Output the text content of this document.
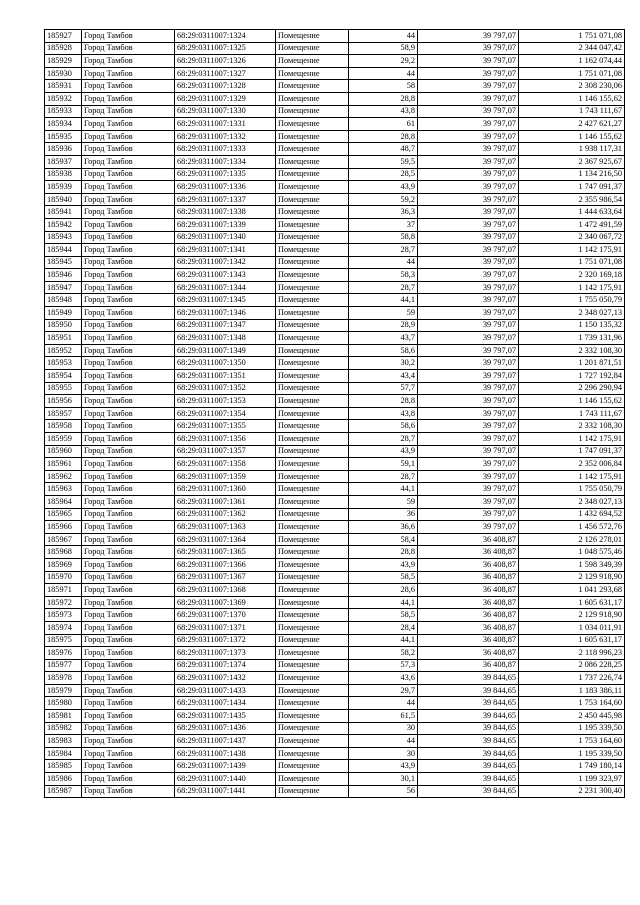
185927	Город Тамбов	68:29:0311007:1324	Помещение	44	39 797,07	1 751 071,08
185928	Город Тамбов	68:29:0311007:1325	Помещение	58,9	39 797,07	2 344 047,42
185929	Город Тамбов	68:29:0311007:1326	Помещение	29,2	39 797,07	1 162 074,44
185930	Город Тамбов	68:29:0311007:1327	Помещение	44	39 797,07	1 751 071,08
185931	Город Тамбов	68:29:0311007:1328	Помещение	58	39 797,07	2 308 230,06
185932	Город Тамбов	68:29:0311007:1329	Помещение	28,8	39 797,07	1 146 155,62
185933	Город Тамбов	68:29:0311007:1330	Помещение	43,8	39 797,07	1 743 111,67
185934	Город Тамбов	68:29:0311007:1331	Помещение	61	39 797,07	2 427 621,27
185935	Город Тамбов	68:29:0311007:1332	Помещение	28,8	39 797,07	1 146 155,62
185936	Город Тамбов	68:29:0311007:1333	Помещение	48,7	39 797,07	1 938 117,31
185937	Город Тамбов	68:29:0311007:1334	Помещение	59,5	39 797,07	2 367 925,67
185938	Город Тамбов	68:29:0311007:1335	Помещение	28,5	39 797,07	1 134 216,50
185939	Город Тамбов	68:29:0311007:1336	Помещение	43,9	39 797,07	1 747 091,37
185940	Город Тамбов	68:29:0311007:1337	Помещение	59,2	39 797,07	2 355 986,54
185941	Город Тамбов	68:29:0311007:1338	Помещение	36,3	39 797,07	1 444 633,64
185942	Город Тамбов	68:29:0311007:1339	Помещение	37	39 797,07	1 472 491,59
185943	Город Тамбов	68:29:0311007:1340	Помещение	58,8	39 797,07	2 340 067,72
185944	Город Тамбов	68:29:0311007:1341	Помещение	28,7	39 797,07	1 142 175,91
185945	Город Тамбов	68:29:0311007:1342	Помещение	44	39 797,07	1 751 071,08
185946	Город Тамбов	68:29:0311007:1343	Помещение	58,3	39 797,07	2 320 169,18
185947	Город Тамбов	68:29:0311007:1344	Помещение	28,7	39 797,07	1 142 175,91
185948	Город Тамбов	68:29:0311007:1345	Помещение	44,1	39 797,07	1 755 050,79
185949	Город Тамбов	68:29:0311007:1346	Помещение	59	39 797,07	2 348 027,13
185950	Город Тамбов	68:29:0311007:1347	Помещение	28,9	39 797,07	1 150 135,32
185951	Город Тамбов	68:29:0311007:1348	Помещение	43,7	39 797,07	1 739 131,96
185952	Город Тамбов	68:29:0311007:1349	Помещение	58,6	39 797,07	2 332 108,30
185953	Город Тамбов	68:29:0311007:1350	Помещение	30,2	39 797,07	1 201 871,51
185954	Город Тамбов	68:29:0311007:1351	Помещение	43,4	39 797,07	1 727 192,84
185955	Город Тамбов	68:29:0311007:1352	Помещение	57,7	39 797,07	2 296 290,94
185956	Город Тамбов	68:29:0311007:1353	Помещение	28,8	39 797,07	1 146 155,62
185957	Город Тамбов	68:29:0311007:1354	Помещение	43,8	39 797,07	1 743 111,67
185958	Город Тамбов	68:29:0311007:1355	Помещение	58,6	39 797,07	2 332 108,30
185959	Город Тамбов	68:29:0311007:1356	Помещение	28,7	39 797,07	1 142 175,91
185960	Город Тамбов	68:29:0311007:1357	Помещение	43,9	39 797,07	1 747 091,37
185961	Город Тамбов	68:29:0311007:1358	Помещение	59,1	39 797,07	2 352 006,84
185962	Город Тамбов	68:29:0311007:1359	Помещение	28,7	39 797,07	1 142 175,91
185963	Город Тамбов	68:29:0311007:1360	Помещение	44,1	39 797,07	1 755 050,79
185964	Город Тамбов	68:29:0311007:1361	Помещение	59	39 797,07	2 348 027,13
185965	Город Тамбов	68:29:0311007:1362	Помещение	36	39 797,07	1 432 694,52
185966	Город Тамбов	68:29:0311007:1363	Помещение	36,6	39 797,07	1 456 572,76
185967	Город Тамбов	68:29:0311007:1364	Помещение	58,4	36 408,87	2 126 278,01
185968	Город Тамбов	68:29:0311007:1365	Помещение	28,8	36 408,87	1 048 575,46
185969	Город Тамбов	68:29:0311007:1366	Помещение	43,9	36 408,87	1 598 349,39
185970	Город Тамбов	68:29:0311007:1367	Помещение	58,5	36 408,87	2 129 918,90
185971	Город Тамбов	68:29:0311007:1368	Помещение	28,6	36 408,87	1 041 293,68
185972	Город Тамбов	68:29:0311007:1369	Помещение	44,1	36 408,87	1 605 631,17
185973	Город Тамбов	68:29:0311007:1370	Помещение	58,5	36 408,87	2 129 918,90
185974	Город Тамбов	68:29:0311007:1371	Помещение	28,4	36 408,87	1 034 011,91
185975	Город Тамбов	68:29:0311007:1372	Помещение	44,1	36 408,87	1 605 631,17
185976	Город Тамбов	68:29:0311007:1373	Помещение	58,2	36 408,87	2 118 996,23
185977	Город Тамбов	68:29:0311007:1374	Помещение	57,3	36 408,87	2 086 228,25
185978	Город Тамбов	68:29:0311007:1432	Помещение	43,6	39 844,65	1 737 226,74
185979	Город Тамбов	68:29:0311007:1433	Помещение	29,7	39 844,65	1 183 386,11
185980	Город Тамбов	68:29:0311007:1434	Помещение	44	39 844,65	1 753 164,60
185981	Город Тамбов	68:29:0311007:1435	Помещение	61,5	39 844,65	2 450 445,98
185982	Город Тамбов	68:29:0311007:1436	Помещение	30	39 844,65	1 195 339,50
185983	Город Тамбов	68:29:0311007:1437	Помещение	44	39 844,65	1 753 164,60
185984	Город Тамбов	68:29:0311007:1438	Помещение	30	39 844,65	1 195 339,50
185985	Город Тамбов	68:29:0311007:1439	Помещение	43,9	39 844,65	1 749 180,14
185986	Город Тамбов	68:29:0311007:1440	Помещение	30,1	39 844,65	1 199 323,97
185987	Город Тамбов	68:29:0311007:1441	Помещение	56	39 844,65	2 231 300,40
